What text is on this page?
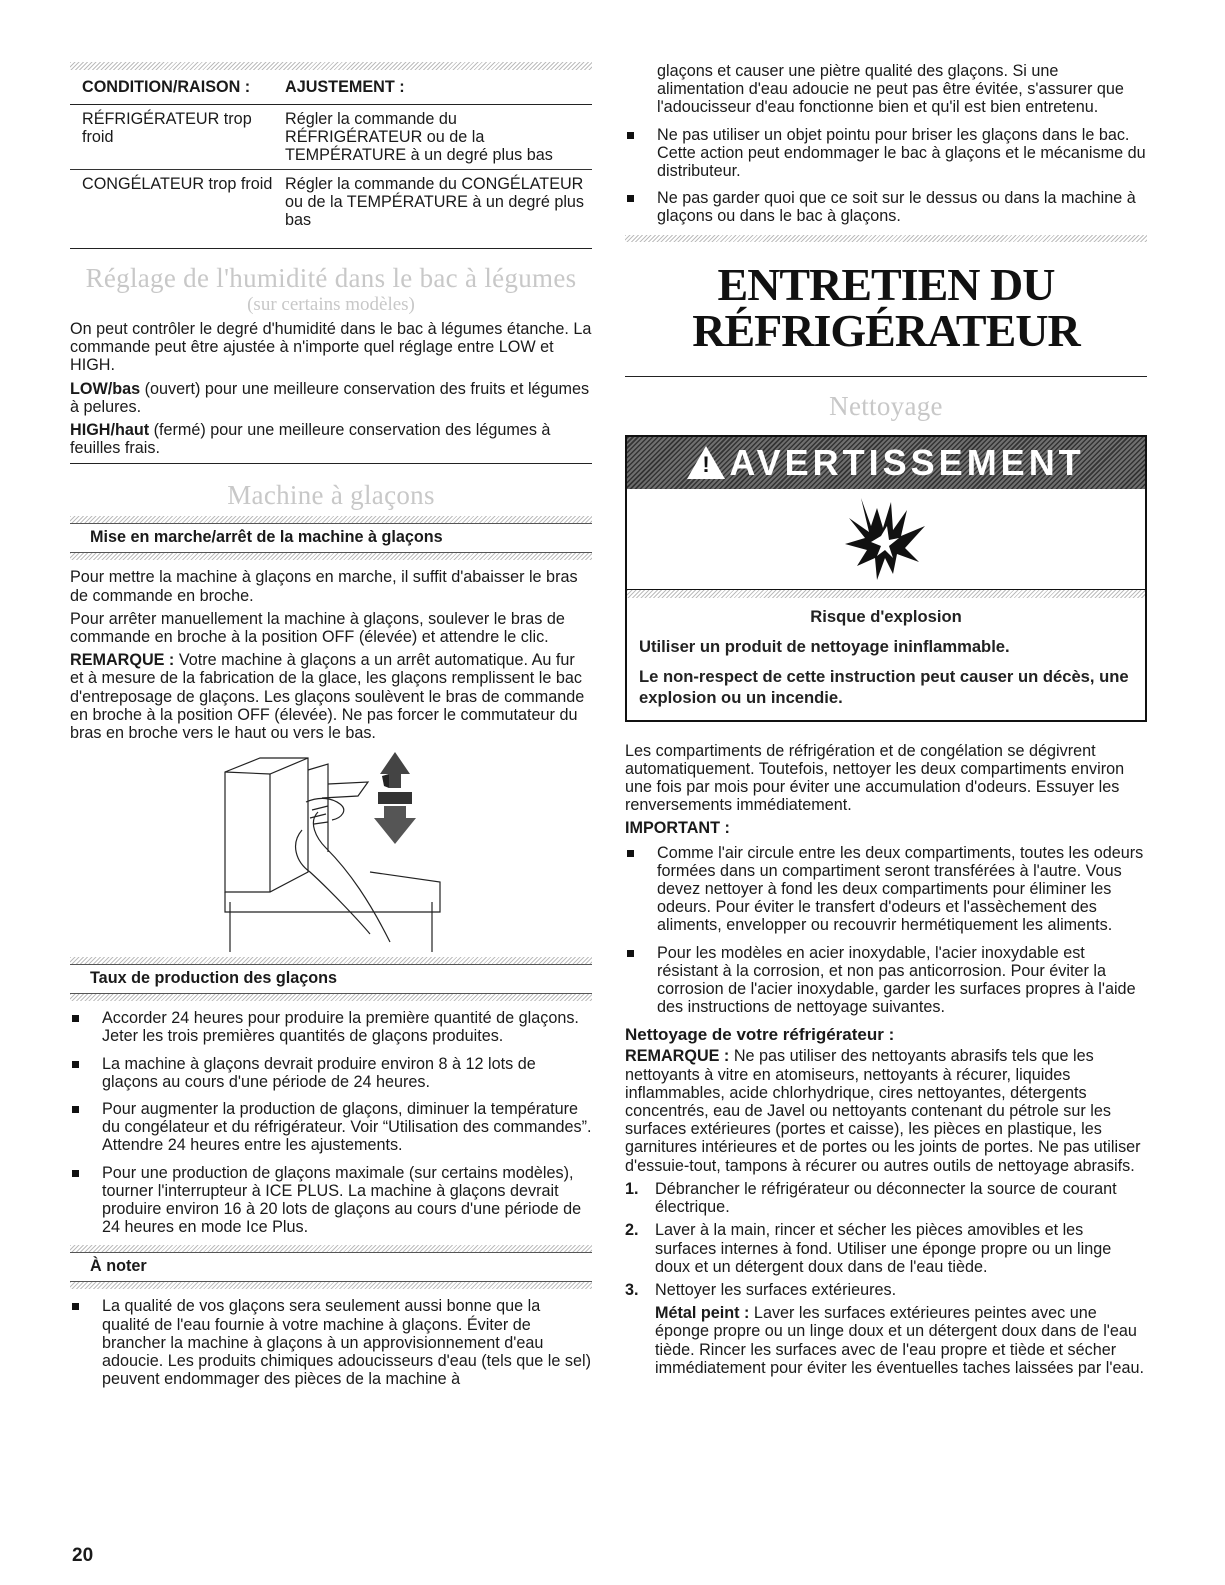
CONDITION/RAISON :	AJUSTEMENT :
RÉFRIGÉRATEUR trop froid
Régler la commande du RÉFRIGÉRATEUR ou de la TEMPÉRATURE à un degré plus bas
CONGÉLATEUR trop froid Régler la commande du CONGÉLATEUR ou de la TEMPÉRATURE à un degré plus bas
Réglage de l'humidité dans le bac à légumes
(sur certains modèles)

On peut contrôler le degré d'humidité dans le bac à légumes étanche. La commande peut être ajustée à n'importe quel réglage entre LOW et HIGH.

LOW/bas (ouvert) pour une meilleure conservation des fruits et légumes à pelures.

HIGH/haut (fermé) pour une meilleure conservation des légumes à feuilles frais.

Machine à glaçons
Mise en marche/arrêt de la machine à glaçons

Pour mettre la machine à glaçons en marche, il suffit d'abaisser le bras de commande en broche.

Pour arrêter manuellement la machine à glaçons, soulever le bras de commande en broche à la position OFF (élevée) et attendre le clic.

REMARQUE : Votre machine à glaçons a un arrêt automatique. Au fur et à mesure de la fabrication de la glace, les glaçons remplissent le bac d'entreposage de glaçons. Les glaçons soulèvent le bras de commande en broche à la position OFF (élevée). Ne pas forcer le commutateur du bras en broche vers le haut ou vers le bas.

Taux de production des glaçons
Accorder 24 heures pour produire la première quantité de glaçons. Jeter les trois premières quantités de glaçons produites.
La machine à glaçons devrait produire environ 8 à 12 lots de glaçons au cours d'une période de 24 heures.
Pour augmenter la production de glaçons, diminuer la température du congélateur et du réfrigérateur. Voir “Utilisation des commandes”. Attendre 24 heures entre les ajustements.
Pour une production de glaçons maximale (sur certains modèles), tourner l'interrupteur à ICE PLUS. La machine à glaçons devrait produire environ 16 à 20 lots de glaçons au cours d'une période de 24 heures en mode Ice Plus.
À noter
La qualité de vos glaçons sera seulement aussi bonne que la qualité de l'eau fournie à votre machine à glaçons. Éviter de brancher la machine à glaçons à un approvisionnement d'eau adoucie. Les produits chimiques adoucisseurs d'eau (tels que le sel) peuvent endommager des pièces de la machine à
glaçons et causer une piètre qualité des glaçons. Si une alimentation d'eau adoucie ne peut pas être évitée, s'assurer que l'adoucisseur d'eau fonctionne bien et qu'il est bien entretenu.
Ne pas utiliser un objet pointu pour briser les glaçons dans le bac. Cette action peut endommager le bac à glaçons et le mécanisme du distributeur.
Ne pas garder quoi que ce soit sur le dessus ou dans la machine à glaçons ou dans le bac à glaçons.
ENTRETIEN DU
RÉFRIGÉRATEUR
Nettoyage
! AVERTISSEMENT

Risque d'explosion

Utiliser un produit de nettoyage ininflammable.

Le non-respect de cette instruction peut causer un décès, une explosion ou un incendie.

Les compartiments de réfrigération et de congélation se dégivrent automatiquement. Toutefois, nettoyer les deux compartiments environ une fois par mois pour éviter une accumulation d'odeurs. Essuyer les renversements immédiatement.

IMPORTANT :

Comme l'air circule entre les deux compartiments, toutes les odeurs formées dans un compartiment seront transférées à l'autre. Vous devez nettoyer à fond les deux compartiments pour éliminer les odeurs. Pour éviter le transfert d'odeurs et l'assèchement des aliments, envelopper ou recouvrir hermétiquement les aliments.
Pour les modèles en acier inoxydable, l'acier inoxydable est résistant à la corrosion, et non pas anticorrosion. Pour éviter la corrosion de l'acier inoxydable, garder les surfaces propres à l'aide des instructions de nettoyage suivantes.
Nettoyage de votre réfrigérateur :

REMARQUE : Ne pas utiliser des nettoyants abrasifs tels que les nettoyants à vitre en atomiseurs, nettoyants à récurer, liquides inflammables, acide chlorhydrique, cires nettoyantes, détergents concentrés, eau de Javel ou nettoyants contenant du pétrole sur les surfaces extérieures (portes et caisse), les pièces en plastique, les garnitures intérieures et de portes ou les joints de portes. Ne pas utiliser d'essuie-tout, tampons à récurer ou autres outils de nettoyage abrasifs.

1. Débrancher le réfrigérateur ou déconnecter la source de courant électrique.
2. Laver à la main, rincer et sécher les pièces amovibles et les surfaces internes à fond. Utiliser une éponge propre ou un linge doux et un détergent doux dans de l'eau tiède.
3. Nettoyer les surfaces extérieures.

Métal peint : Laver les surfaces extérieures peintes avec une éponge propre ou un linge doux et un détergent doux dans de l'eau tiède. Rincer les surfaces avec de l'eau propre et tiède et sécher immédiatement pour éviter les éventuelles taches laissées par l'eau.

20
